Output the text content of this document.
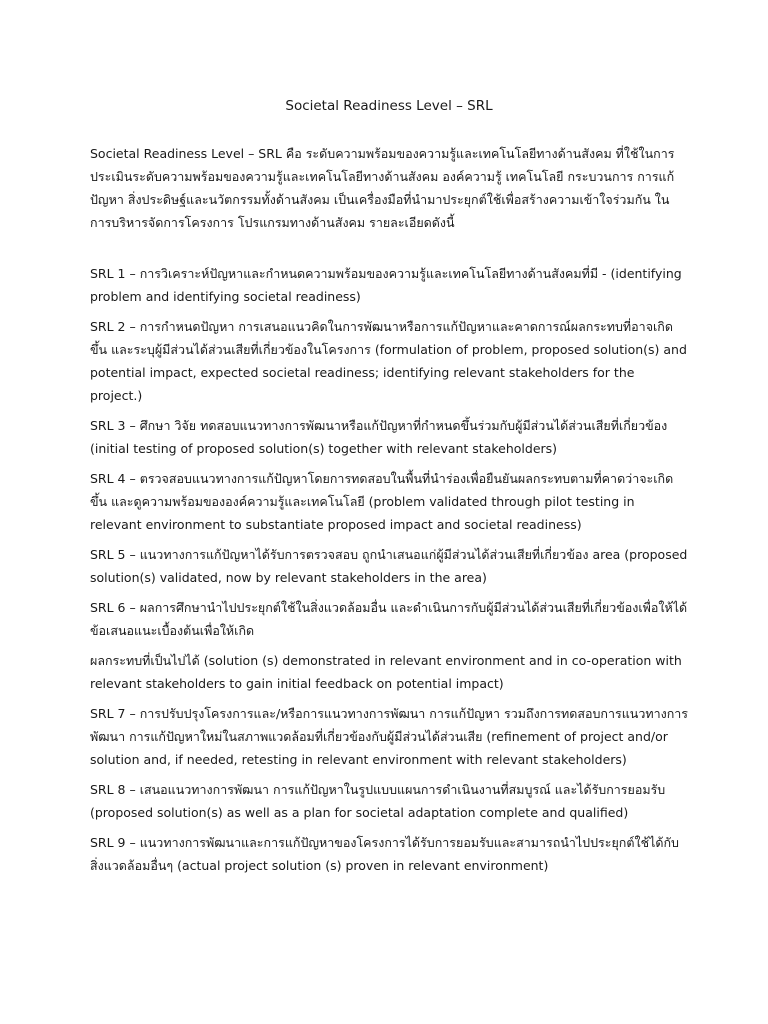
Societal Readiness Level – SRL
Societal Readiness Level – SRL คือ ระดับความพร้อมของความรู้และเทคโนโลยีทางด้านสังคม ที่ใช้ในการประเมินระดับความพร้อมของความรู้และเทคโนโลยีทางด้านสังคม องค์ความรู้ เทคโนโลยี กระบวนการ การแก้ปัญหา สิ่งประดิษฐ์และนวัตกรรมทั้งด้านสังคม เป็นเครื่องมือที่นำมาประยุกต์ใช้เพื่อสร้างความเข้าใจร่วมกัน ในการบริหารจัดการโครงการ โปรแกรมทางด้านสังคม รายละเอียดดังนี้
SRL 1 – การวิเคราะห์ปัญหาและกำหนดความพร้อมของความรู้และเทคโนโลยีทางด้านสังคมที่มี - (identifying problem and identifying societal readiness)
SRL 2 – การกำหนดปัญหา การเสนอแนวคิดในการพัฒนาหรือการแก้ปัญหาและคาดการณ์ผลกระทบที่อาจเกิดขึ้น และระบุผู้มีส่วนได้ส่วนเสียที่เกี่ยวข้องในโครงการ (formulation of problem, proposed solution(s) and potential impact, expected societal readiness; identifying relevant stakeholders for the project.)
SRL 3 – ศึกษา วิจัย ทดสอบแนวทางการพัฒนาหรือแก้ปัญหาที่กำหนดขึ้นร่วมกับผู้มีส่วนได้ส่วนเสียที่เกี่ยวข้อง (initial testing of proposed solution(s) together with relevant stakeholders)
SRL 4 – ตรวจสอบแนวทางการแก้ปัญหาโดยการทดสอบในพื้นที่นำร่องเพื่อยืนยันผลกระทบตามที่คาดว่าจะเกิดขึ้น และดูความพร้อมขององค์ความรู้และเทคโนโลยี (problem validated through pilot testing in relevant environment to substantiate proposed impact and societal readiness)
SRL 5 – แนวทางการแก้ปัญหาได้รับการตรวจสอบ ถูกนำเสนอแก่ผู้มีส่วนได้ส่วนเสียที่เกี่ยวข้อง area (proposed solution(s) validated, now by relevant stakeholders in the area)
SRL 6 – ผลการศึกษานำไปประยุกต์ใช้ในสิ่งแวดล้อมอื่น และดำเนินการกับผู้มีส่วนได้ส่วนเสียที่เกี่ยวข้องเพื่อให้ได้ข้อเสนอแนะเบื้องต้นเพื่อให้เกิด
ผลกระทบที่เป็นไปได้ (solution (s) demonstrated in relevant environment and in co-operation with relevant stakeholders to gain initial feedback on potential impact)
SRL 7 – การปรับปรุงโครงการและ/หรือการแนวทางการพัฒนา การแก้ปัญหา รวมถึงการทดสอบการแนวทางการพัฒนา การแก้ปัญหาใหม่ในสภาพแวดล้อมที่เกี่ยวข้องกับผู้มีส่วนได้ส่วนเสีย (refinement of project and/or solution and, if needed, retesting in relevant environment with relevant stakeholders)
SRL 8 – เสนอแนวทางการพัฒนา การแก้ปัญหาในรูปแบบแผนการดำเนินงานที่สมบูรณ์ และได้รับการยอมรับ (proposed solution(s) as well as a plan for societal adaptation complete and qualified)
SRL 9 – แนวทางการพัฒนาและการแก้ปัญหาของโครงการได้รับการยอมรับและสามารถนำไปประยุกต์ใช้ได้กับสิ่งแวดล้อมอื่นๆ (actual project solution (s) proven in relevant environment)
